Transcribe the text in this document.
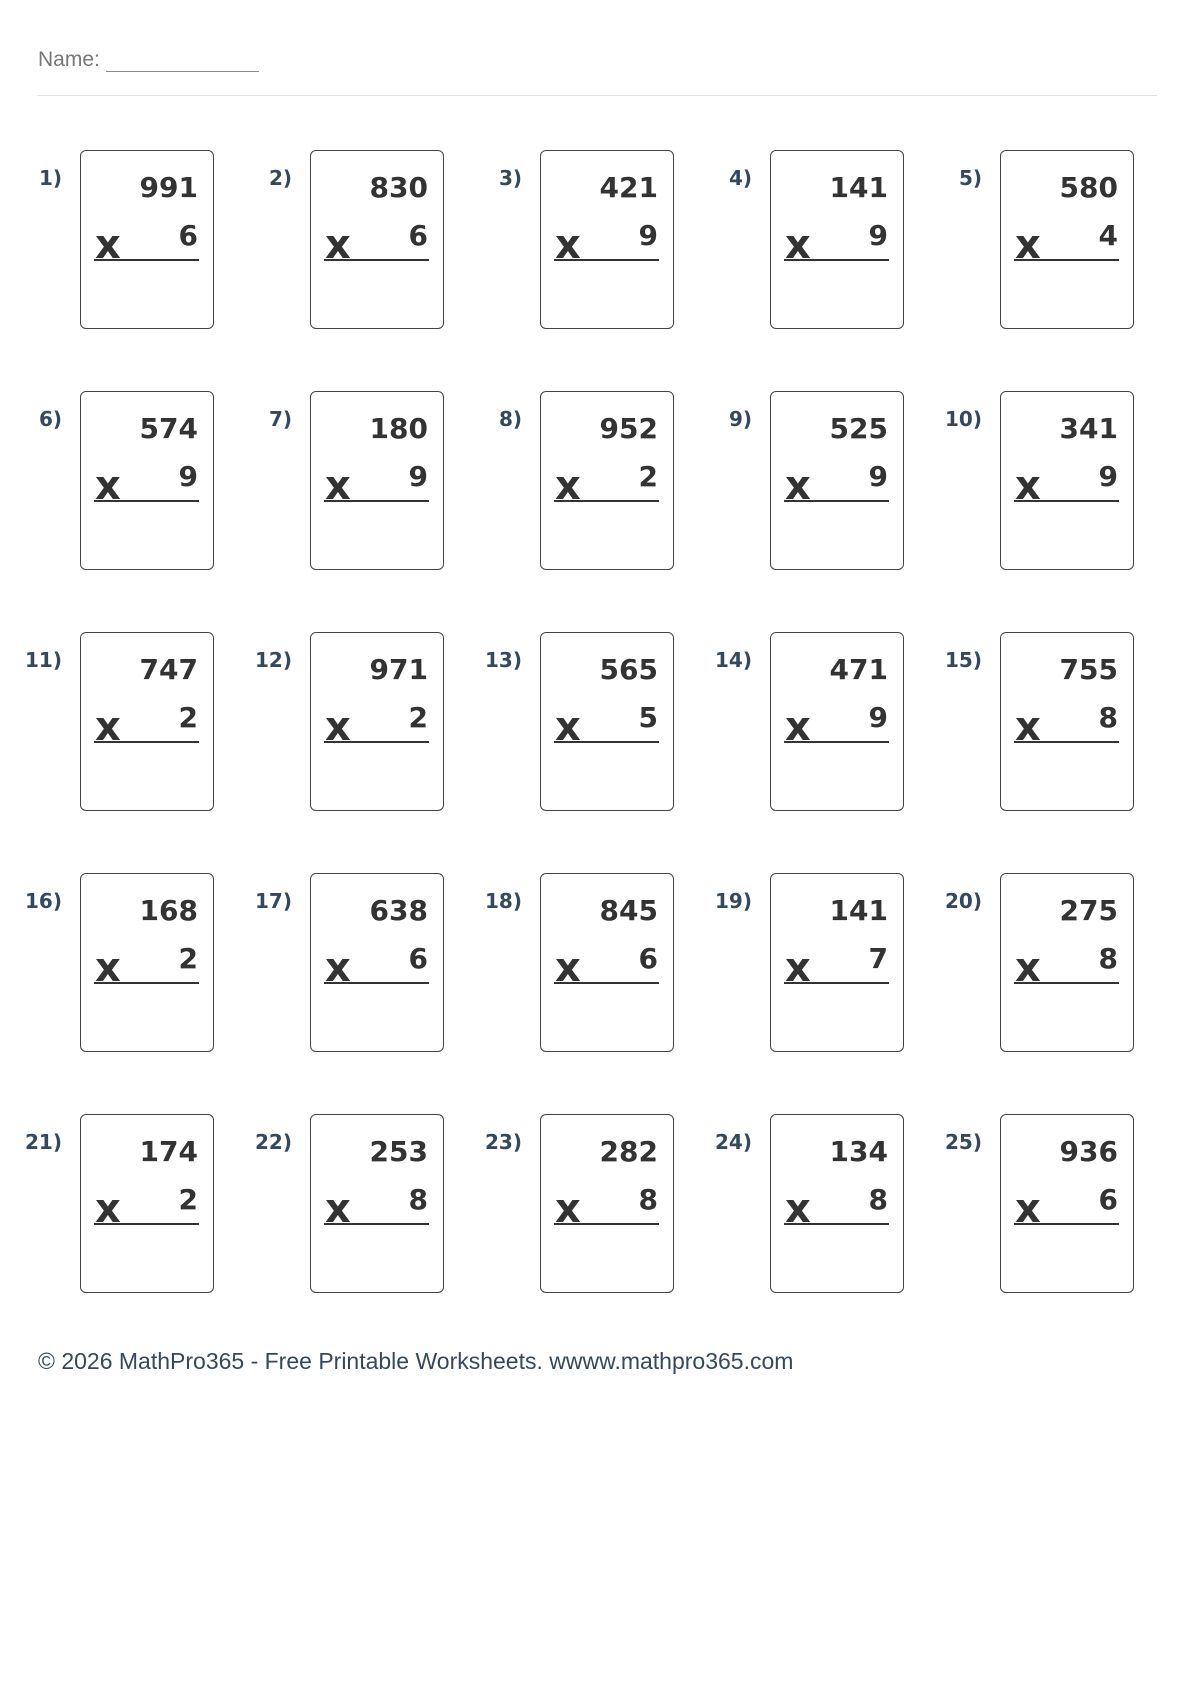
Name:
1)	991
x 6
2)	830
x 6
3)	421
x 9
4)	141
x 9
5)	580
x 4
6)	574
x 9
7)	180
x 9
8)	952
x 2
9)	525
x 9
10)	341
x 9
11)	747
x 2
12)	971
x 2
13)	565
x 5
14)	471
x 9
15)	755
x 8
16)	168
x 2
17)	638
x 6
18)	845
x 6
19)	141
x 7
20)	275
x 8
21)	174
x 2
22)	253
x 8
23)	282
x 8
24)	134
x 8
25)	936
x 6
© 2026 MathPro365 - Free Printable Worksheets. wwww.mathpro365.com
